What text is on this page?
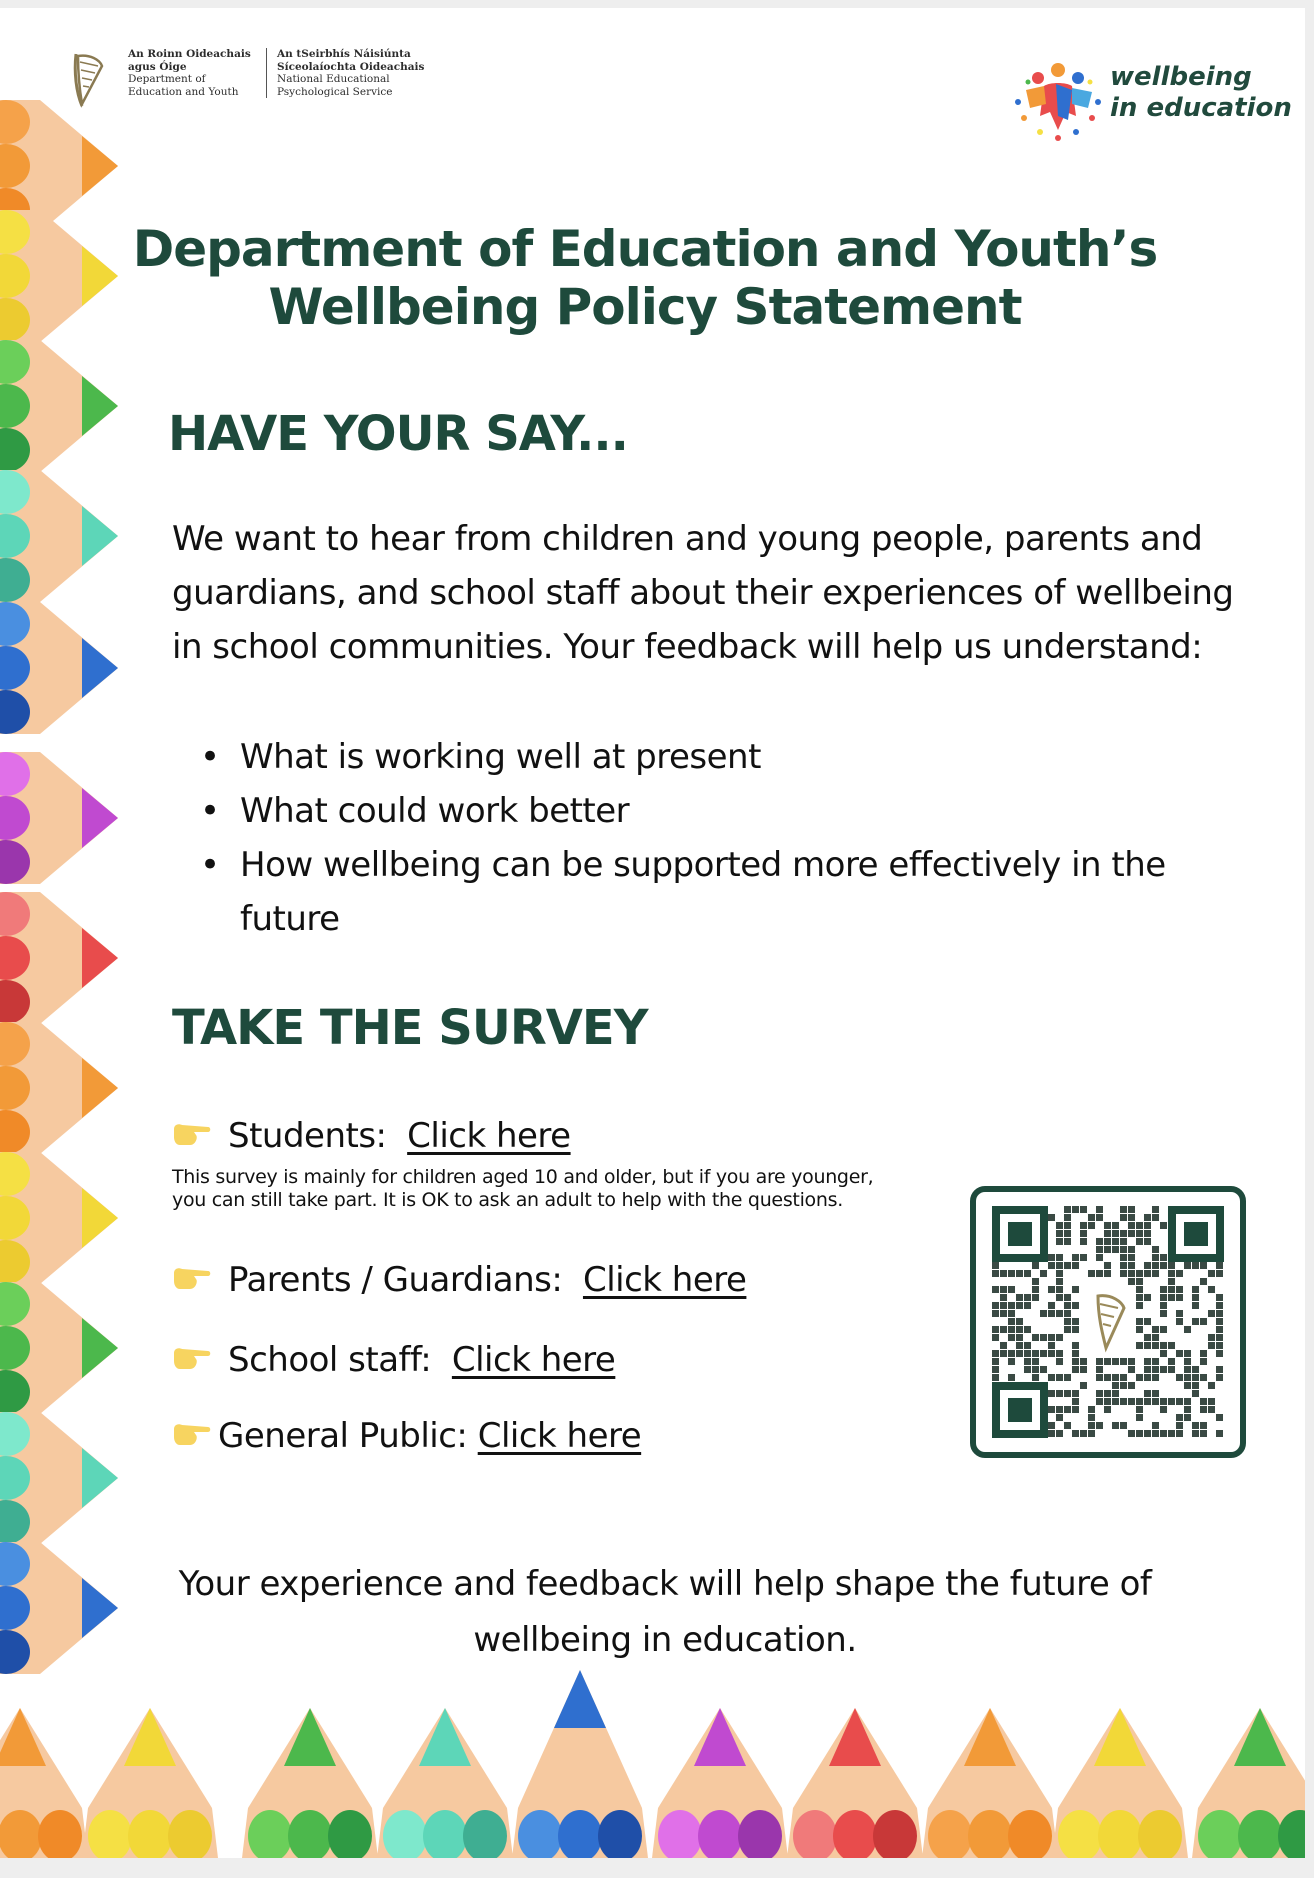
An Roinn Oideachais
agus Óige
Department of
Education and Youth
An tSeirbhís Náisiúnta
Síceolaíochta Oideachais
National Educational
Psychological Service	wellbeing
in education
Department of Education and Youth’s
Wellbeing Policy Statement
HAVE YOUR SAY...
We want to hear from children and young people, parents and guardians, and school staff about their experiences of wellbeing in school communities. Your feedback will help us understand:
• What is working well at present
• What could work better
• How wellbeing can be supported more effectively in the future
TAKE THE SURVEY
Students: Click here
This survey is mainly for children aged 10 and older, but if you are younger,
you can still take part. It is OK to ask an adult to help with the questions.
Parents / Guardians: Click here
School staff: Click here
General Public: Click here
Your experience and feedback will help shape the future of
wellbeing in education.
